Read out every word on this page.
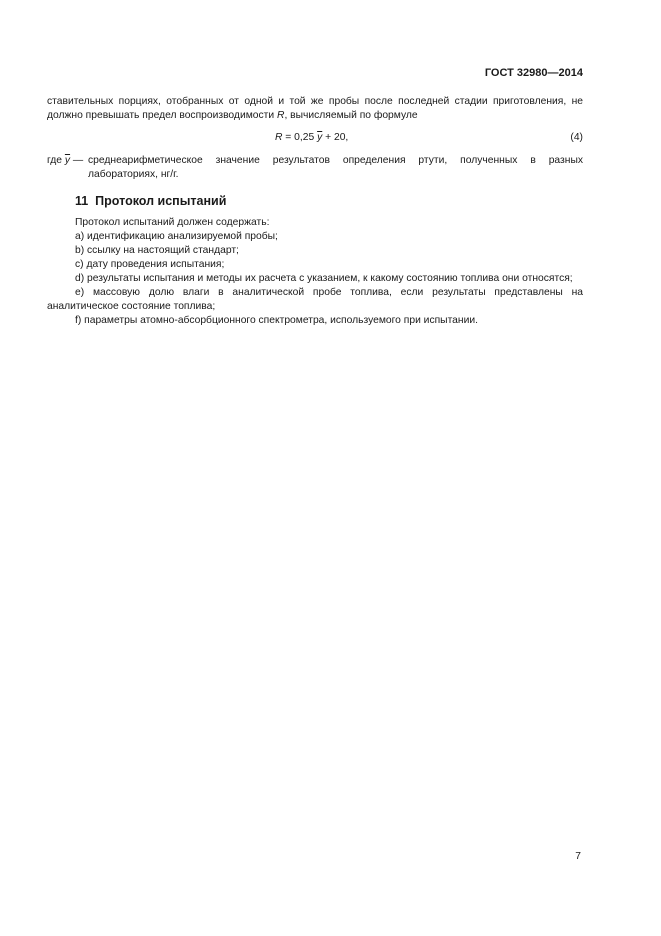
ГОСТ 32980—2014

ставительных порциях, отобранных от одной и той же пробы после последней стадии приготовления, не должно превышать предел воспроизводимости R, вычисляемый по формуле

R = 0,25 $\overline{y} + 20$,	(4)
где $\overline{y}$ — среднеарифметическое значение результатов определения ртути, полученных в разных лабораториях, нг/г.
11 Протокол испытаний

Протокол испытаний должен содержать:

a) идентификацию анализируемой пробы;

b) ссылку на настоящий стандарт;

c) дату проведения испытания;

d) результаты испытания и методы их расчета с указанием, к какому состоянию топлива они относятся;

e) массовую долю влаги в аналитической пробе топлива, если результаты представлены на аналитическое состояние топлива;

f) параметры атомно-абсорбционного спектрометра, используемого при испытании.

7
